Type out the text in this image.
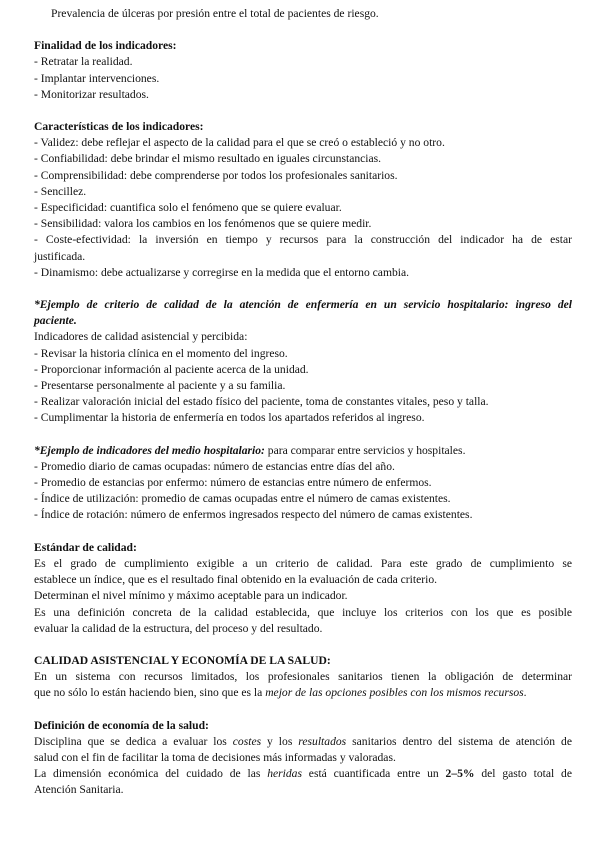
Prevalencia de úlceras por presión entre el total de pacientes de riesgo.

Finalidad de los indicadores:

- Retratar la realidad.

- Implantar intervenciones.

- Monitorizar resultados.

Características de los indicadores:

- Validez: debe reflejar el aspecto de la calidad para el que se creó o estableció y no otro.

- Confiabilidad: debe brindar el mismo resultado en iguales circunstancias.

- Comprensibilidad: debe comprenderse por todos los profesionales sanitarios.

- Sencillez.

- Especificidad: cuantifica solo el fenómeno que se quiere evaluar.

- Sensibilidad: valora los cambios en los fenómenos que se quiere medir.

- Coste-efectividad: la inversión en tiempo y recursos para la construcción del indicador ha de estar

justificada.

- Dinamismo: debe actualizarse y corregirse en la medida que el entorno cambia.

*Ejemplo de criterio de calidad de la atención de enfermería en un servicio hospitalario: ingreso del

paciente.

Indicadores de calidad asistencial y percibida:

- Revisar la historia clínica en el momento del ingreso.

- Proporcionar información al paciente acerca de la unidad.

- Presentarse personalmente al paciente y a su familia.

- Realizar valoración inicial del estado físico del paciente, toma de constantes vitales, peso y talla.

- Cumplimentar la historia de enfermería en todos los apartados referidos al ingreso.

*Ejemplo de indicadores del medio hospitalario: para comparar entre servicios y hospitales.

- Promedio diario de camas ocupadas: número de estancias entre días del año.

- Promedio de estancias por enfermo: número de estancias entre número de enfermos.

- Índice de utilización: promedio de camas ocupadas entre el número de camas existentes.

- Índice de rotación: número de enfermos ingresados respecto del número de camas existentes.

Estándar de calidad:

Es el grado de cumplimiento exigible a un criterio de calidad. Para este grado de cumplimiento se

establece un índice, que es el resultado final obtenido en la evaluación de cada criterio.

Determinan el nivel mínimo y máximo aceptable para un indicador.

Es una definición concreta de la calidad establecida, que incluye los criterios con los que es posible

evaluar la calidad de la estructura, del proceso y del resultado.

CALIDAD ASISTENCIAL Y ECONOMÍA DE LA SALUD:

En un sistema con recursos limitados, los profesionales sanitarios tienen la obligación de determinar

que no sólo lo están haciendo bien, sino que es la mejor de las opciones posibles con los mismos recursos.

Definición de economía de la salud:

Disciplina que se dedica a evaluar los costes y los resultados sanitarios dentro del sistema de atención de

salud con el fin de facilitar la toma de decisiones más informadas y valoradas.

La dimensión económica del cuidado de las heridas está cuantificada entre un 2–5% del gasto total de

Atención Sanitaria.
